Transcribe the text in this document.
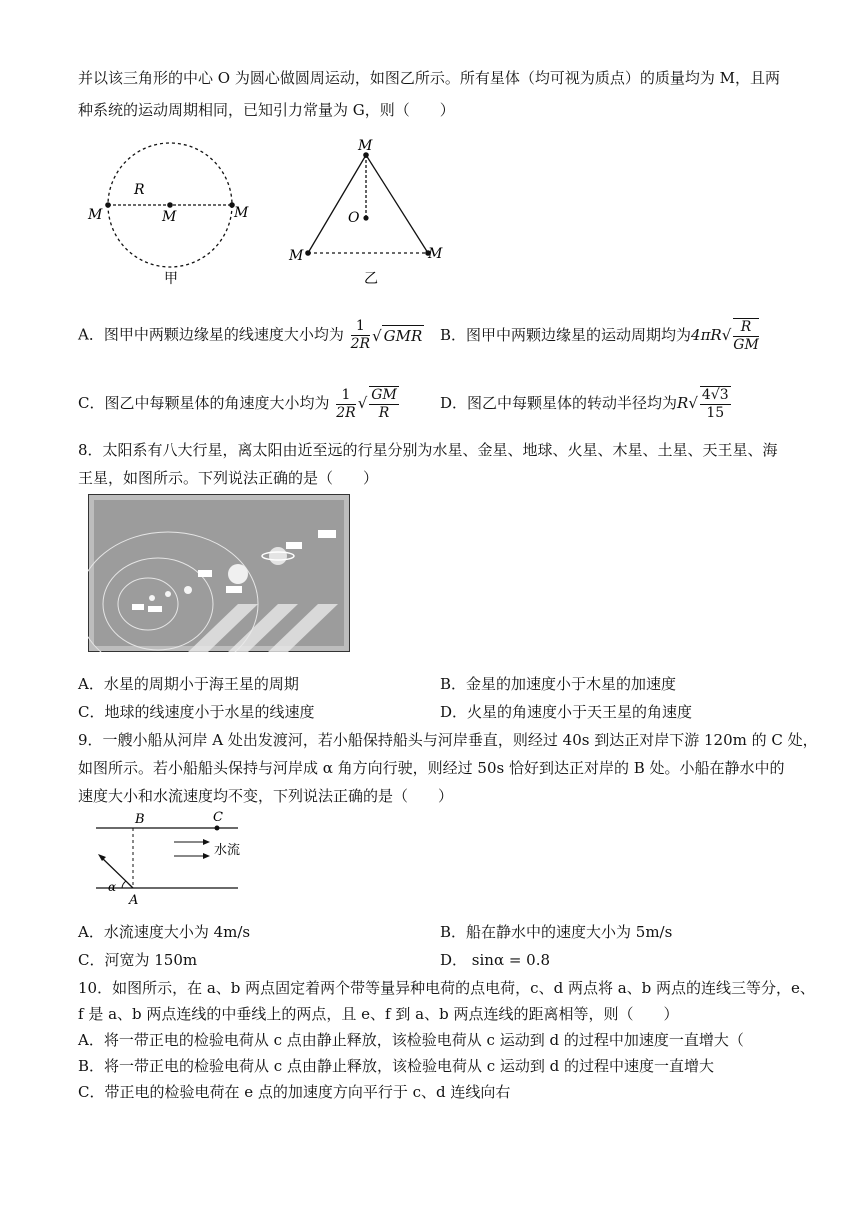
并以该三角形的中心 O 为圆心做圆周运动，如图乙所示。所有星体（均可视为质点）的质量均为 M，且两
种系统的运动周期相同，已知引力常量为 G，则（　　）
R
M	M	M
甲
M
O
M	M
乙
A．图甲中两颗边缘星的线速度大小均为 $\frac{1}{2R}$ √ GMR B．图甲中两颗边缘星的运动周期均为$4\pi R√ \frac{R}{GM}$
C．图乙中每颗星体的角速度大小均为 $\frac{1}{2R}$ √ $\frac{GM}{R}$	D．图乙中每颗星体的转动半径均为$R√ \frac{4√3}{15}$
8．太阳系有八大行星，离太阳由近至远的行星分别为水星、金星、地球、火星、木星、土星、天王星、海
王星，如图所示。下列说法正确的是（　　）
A．水星的周期小于海王星的周期	B．金星的加速度小于木星的加速度
C．地球的线速度小于水星的线速度	D．火星的角速度小于天王星的角速度
9．一艘小船从河岸 A 处出发渡河，若小船保持船头与河岸垂直，则经过 40s 到达正对岸下游 120m 的 C 处，
如图所示。若小船船头保持与河岸成 α 角方向行驶，则经过 50s 恰好到达正对岸的 B 处。小船在静水中的
速度大小和水流速度均不变，下列说法正确的是（　　）
B	C
水流
α
A
A．水流速度大小为 4m/s	B．船在静水中的速度大小为 5m/s
C．河宽为 150m	D． sinα = 0.8
10．如图所示，在 a、b 两点固定着两个带等量异种电荷的点电荷，c、d 两点将 a、b 两点的连线三等分，e、
f 是 a、b 两点连线的中垂线上的两点，且 e、f 到 a、b 两点连线的距离相等，则（　　）
A．将一带正电的检验电荷从 c 点由静止释放，该检验电荷从 c 运动到 d 的过程中加速度一直增大（
B．将一带正电的检验电荷从 c 点由静止释放，该检验电荷从 c 运动到 d 的过程中速度一直增大
C．带正电的检验电荷在 e 点的加速度方向平行于 c、d 连线向右
